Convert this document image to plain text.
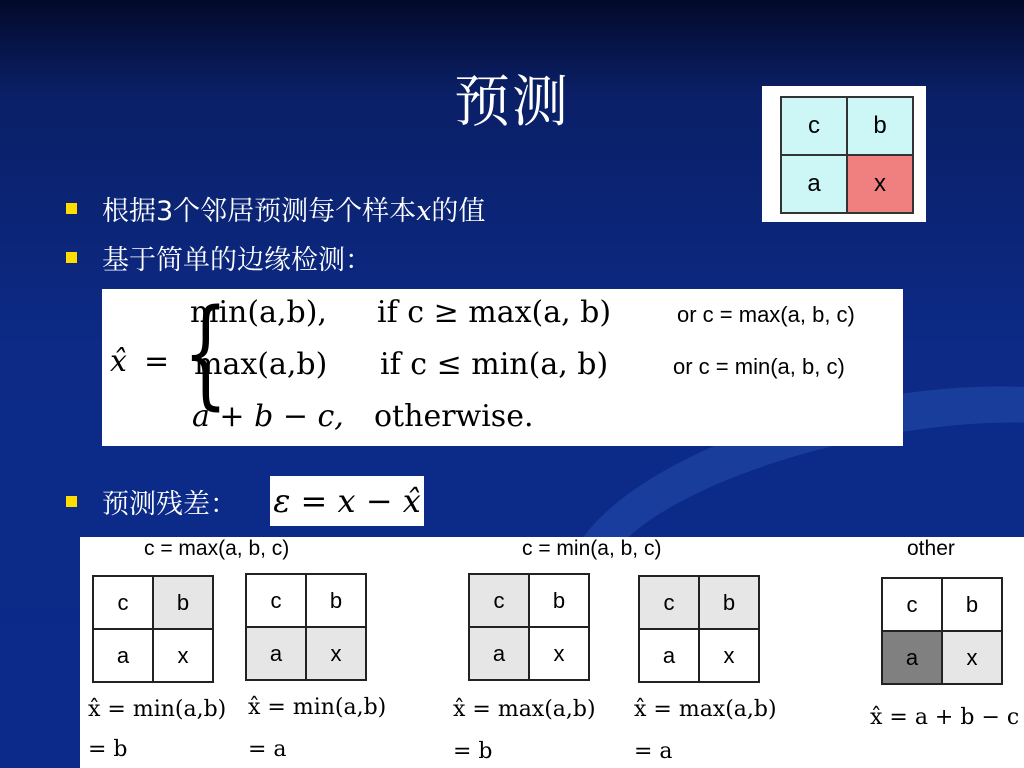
预测
根据3个邻居预测每个样本x的值
基于简单的边缘检测：
预测残差：
c	b
a	x
x̂ = {
min(a,b), if c ≥ max(a, b)	or c = max(a, b, c)
max(a,b) if c ≤ min(a, b)	or c = min(a, b, c)
a + b − c, otherwise.
ε = x − x̂
c = max(a, b, c)	c = min(a, b, c)	other
c	b
a	x
c	b
a	x
c	b
a	x
c	b
a	x
c	b
a	x
x̂ = min(a,b)
= b
x̂ = min(a,b)
= a
x̂ = max(a,b)
= b
x̂ = max(a,b)
= a
x̂ = a + b − c
